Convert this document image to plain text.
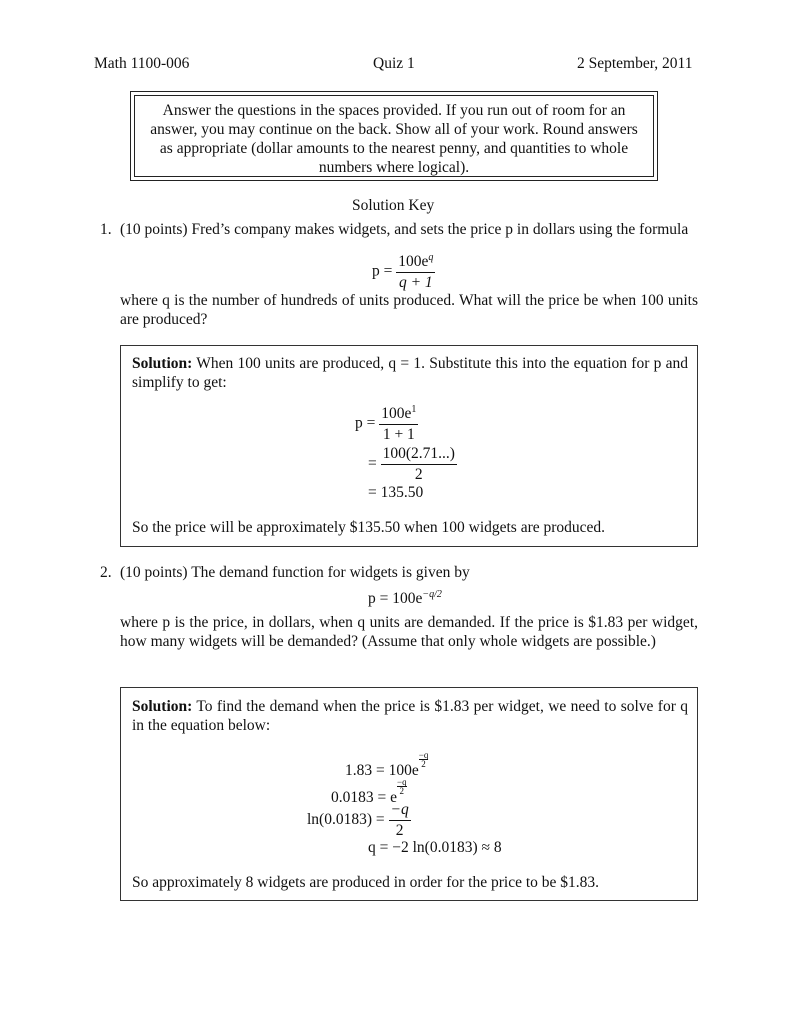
Math 1100-006	Quiz 1	2 September, 2011
Answer the questions in the spaces provided. If you run out of room for an answer, you may continue on the back. Show all of your work. Round answers as appropriate (dollar amounts to the nearest penny, and quantities to whole numbers where logical).
Solution Key
1. (10 points) Fred’s company makes widgets, and sets the price p in dollars using the formula
$p = \frac{100e^q}{q + 1}$
where q is the number of hundreds of units produced. What will the price be when 100 units are produced?
Solution: When 100 units are produced, q = 1. Substitute this into the equation for p and simplify to get:
$p = \frac{100e^1}{1 + 1}$
= $\frac{100(2.71...)}{2}$
= 135.50
So the price will be approximately $135.50 when 100 widgets are produced.
2. (10 points) The demand function for widgets is given by
$p = 100e^{-q/2}$
where p is the price, in dollars, when q units are demanded. If the price is $1.83 per widget, how many widgets will be demanded? (Assume that only whole widgets are possible.)
Solution: To find the demand when the price is $1.83 per widget, we need to solve for q in the equation below:
1.83 = 100e
$\frac{-q}{2}$
0.0183 = e
$\frac{-q}{2}$
$\ln(0.0183) = \frac{-q}{2}$
q = −2 ln(0.0183) ≈ 8
So approximately 8 widgets are produced in order for the price to be $1.83.
